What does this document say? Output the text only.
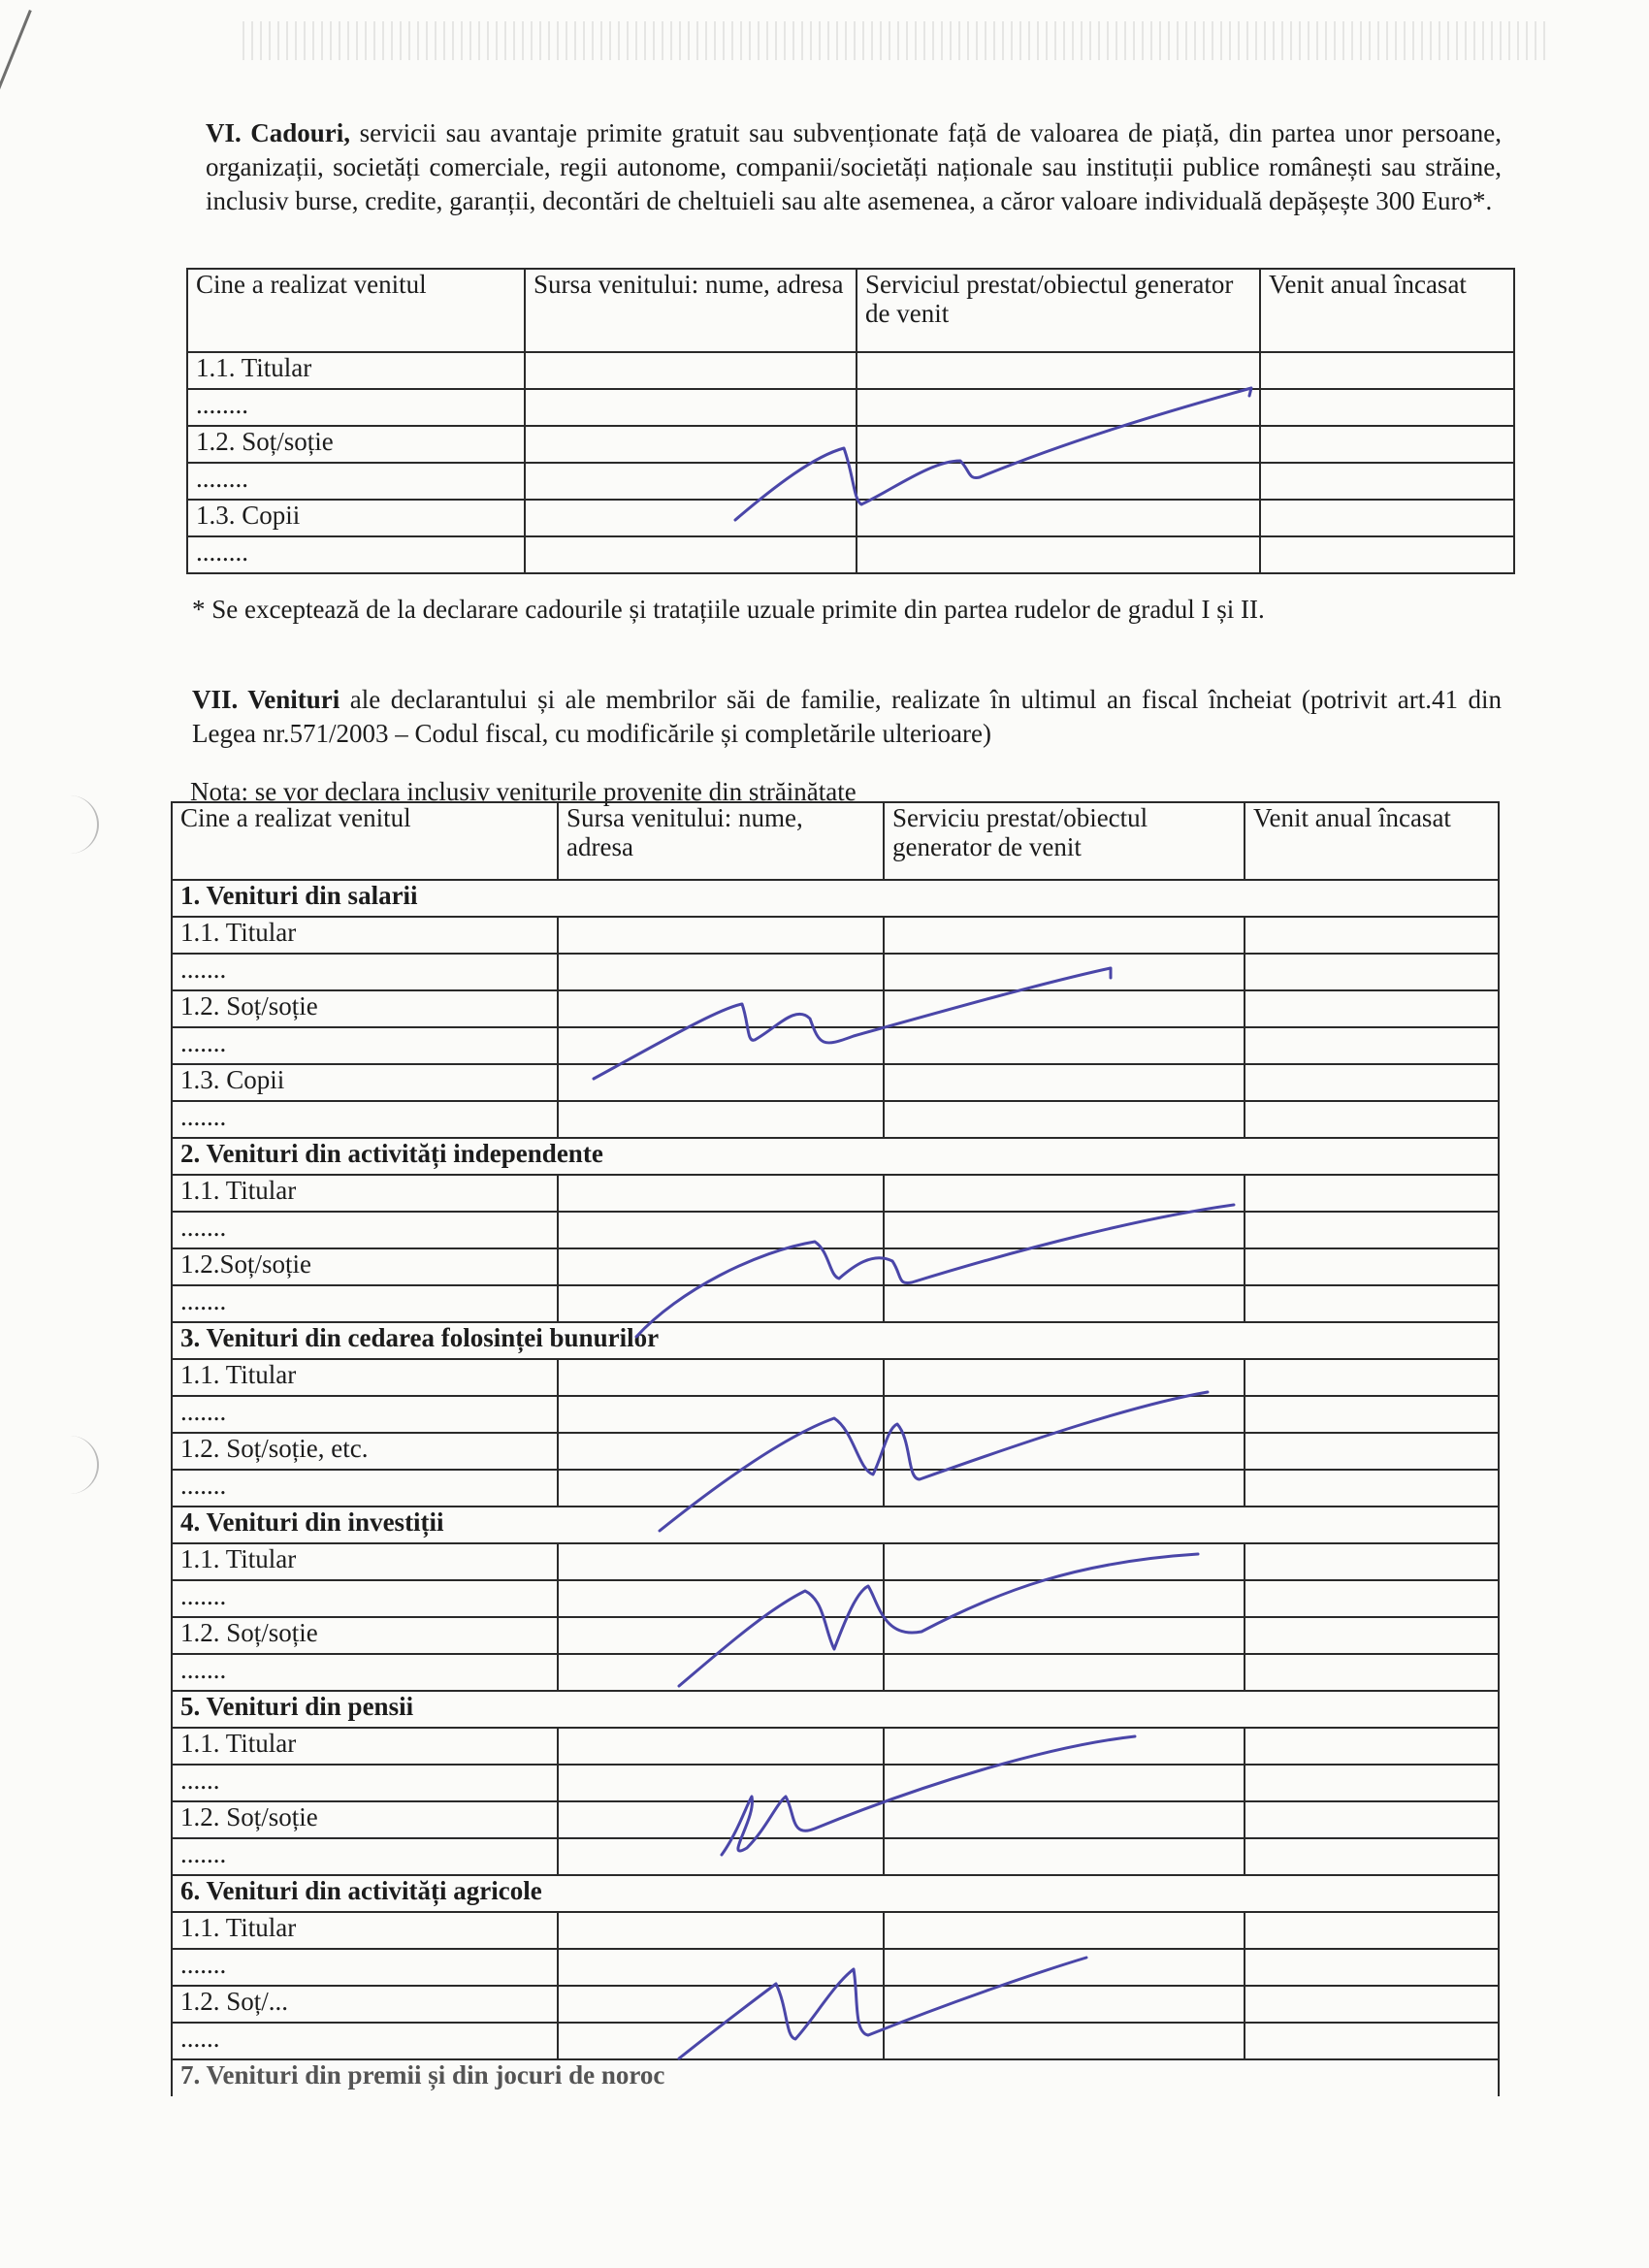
VI. Cadouri, servicii sau avantaje primite gratuit sau subvenționate față de valoarea de piață, din partea unor persoane, organizații, societăți comerciale, regii autonome, companii/societăți naționale sau instituții publice românești sau străine, inclusiv burse, credite, garanții, decontări de cheltuieli sau alte asemenea, a căror valoare individuală depășește 300 Euro*.
Cine a realizat venitul	Sursa venitului: nume, adresa	Serviciul prestat/obiectul generator de venit	Venit anual încasat
1.1. Titular			
........			
1.2. Soț/soție			
........			
1.3. Copii			
........			
* Se exceptează de la declarare cadourile și tratațiile uzuale primite din partea rudelor de gradul I și II.
VII. Venituri ale declarantului și ale membrilor săi de familie, realizate în ultimul an fiscal încheiat (potrivit art.41 din Legea nr.571/2003 – Codul fiscal, cu modificările și completările ulterioare)
Nota: se vor declara inclusiv veniturile provenite din străinătate
Cine a realizat venitul	Sursa venitului: nume, adresa	Serviciu prestat/obiectul generator de venit	Venit anual încasat
1. Venituri din salarii			
1.1. Titular			
.......			
1.2. Soț/soție			
.......			
1.3. Copii			
.......			
2. Venituri din activități independente			
1.1. Titular			
.......			
1.2.Soț/soție			
.......			
3. Venituri din cedarea folosinței bunurilor			
1.1. Titular			
.......			
1.2. Soț/soție, etc.			
.......			
4. Venituri din investiții			
1.1. Titular			
.......			
1.2. Soț/soție			
.......			
5. Venituri din pensii			
1.1. Titular			
......			
1.2. Soț/soție			
.......			
6. Venituri din activități agricole			
1.1. Titular			
.......			
1.2. Soț/...			
......			
7. Venituri din premii și din jocuri de noroc			
